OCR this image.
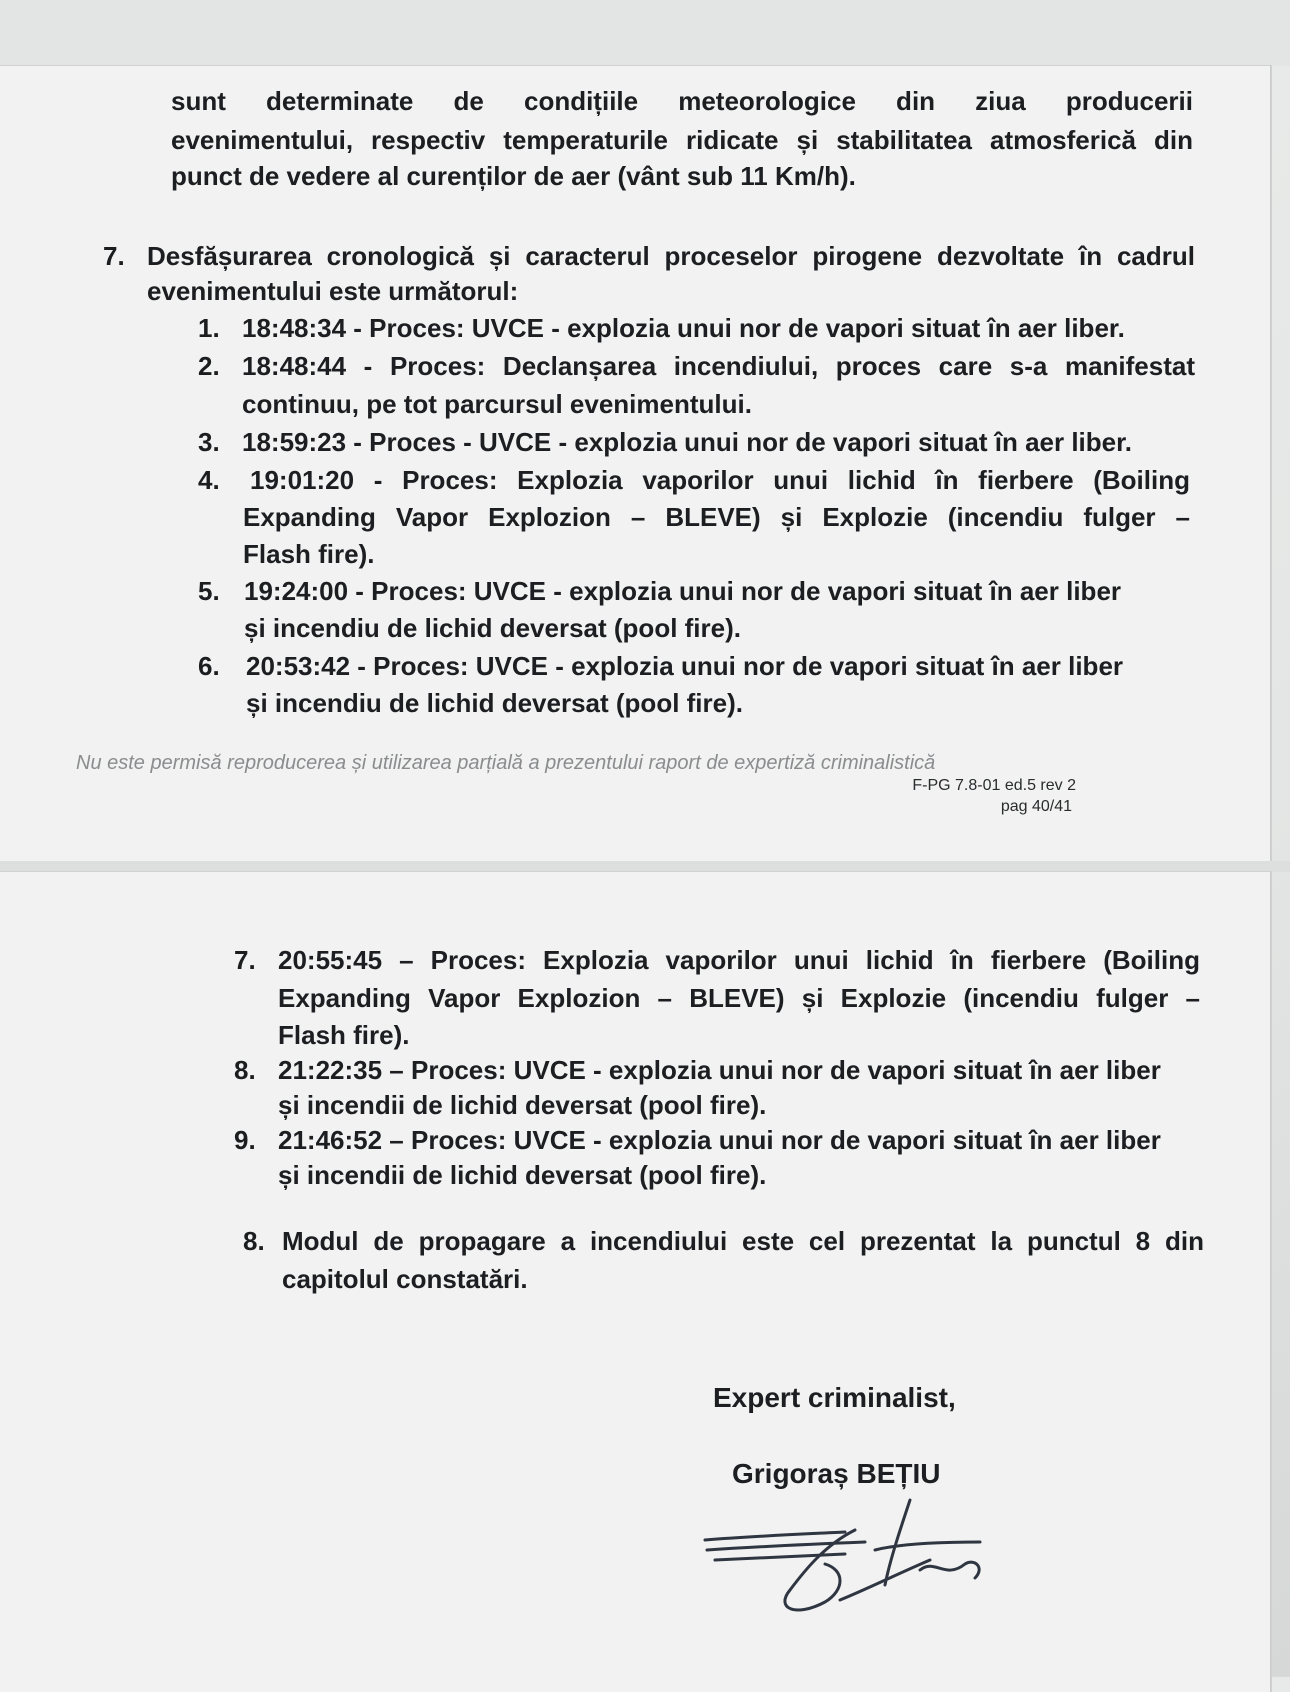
sunt determinate de condițiile meteorologice din ziua producerii
evenimentului, respectiv temperaturile ridicate și stabilitatea atmosferică din
punct de vedere al curenților de aer (vânt sub 11 Km/h).
7. Desfășurarea cronologică și caracterul proceselor pirogene dezvoltate în cadrul
evenimentului este următorul:
1. 18:48:34 - Proces: UVCE - explozia unui nor de vapori situat în aer liber.
2. 18:48:44 - Proces: Declanșarea incendiului, proces care s-a manifestat
continuu, pe tot parcursul evenimentului.
3. 18:59:23 - Proces - UVCE - explozia unui nor de vapori situat în aer liber.
4. 19:01:20 - Proces: Explozia vaporilor unui lichid în fierbere (Boiling
Expanding Vapor Explozion – BLEVE) și Explozie (incendiu fulger –
Flash fire).
5. 19:24:00 - Proces: UVCE - explozia unui nor de vapori situat în aer liber
și incendiu de lichid deversat (pool fire).
6. 20:53:42 - Proces: UVCE - explozia unui nor de vapori situat în aer liber
și incendiu de lichid deversat (pool fire).
Nu este permisă reproducerea și utilizarea parțială a prezentului raport de expertiză criminalistică
F-PG 7.8-01 ed.5 rev 2
pag 40/41
7. 20:55:45 – Proces: Explozia vaporilor unui lichid în fierbere (Boiling
Expanding Vapor Explozion – BLEVE) și Explozie (incendiu fulger –
Flash fire).
8. 21:22:35 – Proces: UVCE - explozia unui nor de vapori situat în aer liber
și incendii de lichid deversat (pool fire).
9. 21:46:52 – Proces: UVCE - explozia unui nor de vapori situat în aer liber
și incendii de lichid deversat (pool fire).
8. Modul de propagare a incendiului este cel prezentat la punctul 8 din
capitolul constatări.
Expert criminalist,
Grigoraș BEȚIU
